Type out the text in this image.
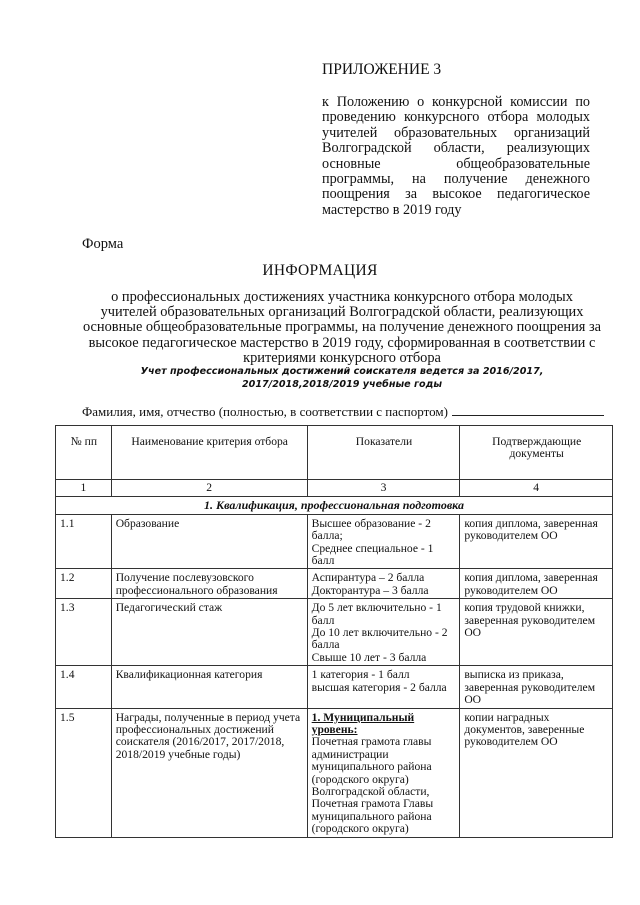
ПРИЛОЖЕНИЕ 3
к Положению о конкурсной комиссии по проведению конкурсного отбора молодых учителей образовательных организаций Волгоградской области, реализующих основные общеобразовательные программы, на получение денежного поощрения за высокое педагогическое мастерство в 2019 году
Форма
ИНФОРМАЦИЯ
о профессиональных достижениях участника конкурсного отбора молодых учителей образовательных организаций Волгоградской области, реализующих основные общеобразовательные программы, на получение денежного поощрения за высокое педагогическое мастерство в 2019 году, сформированная в соответствии с критериями конкурсного отбора
Учет профессиональных достижений соискателя ведется за 2016/2017, 2017/2018,2018/2019 учебные годы
Фамилия, имя, отчество (полностью, в соответствии с паспортом)
№ пп	Наименование критерия отбора	Показатели	Подтверждающие документы
1	2	3	4
1. Квалификация, профессиональная подготовка			
1.1	Образование	Высшее образование - 2 балла;
Среднее специальное - 1 балл	копия диплома, заверенная руководителем ОО
1.2	Получение послевузовского профессионального образования	Аспирантура – 2 балла
Докторантура – 3 балла	копия диплома, заверенная руководителем ОО
1.3	Педагогический стаж	До 5 лет включительно - 1 балл
До 10 лет включительно - 2 балла
Свыше 10 лет - 3 балла	копия трудовой книжки, заверенная руководителем ОО
1.4	Квалификационная категория	1 категория - 1 балл
высшая категория - 2 балла	выписка из приказа, заверенная руководителем ОО
1.5	Награды, полученные в период учета профессиональных достижений соискателя (2016/2017, 2017/2018, 2018/2019 учебные годы)	1. Муниципальный уровень:
Почетная грамота главы администрации муниципального района (городского округа)
Волгоградской области,
Почетная грамота Главы муниципального района (городского округа)	копии наградных документов, заверенные руководителем ОО
